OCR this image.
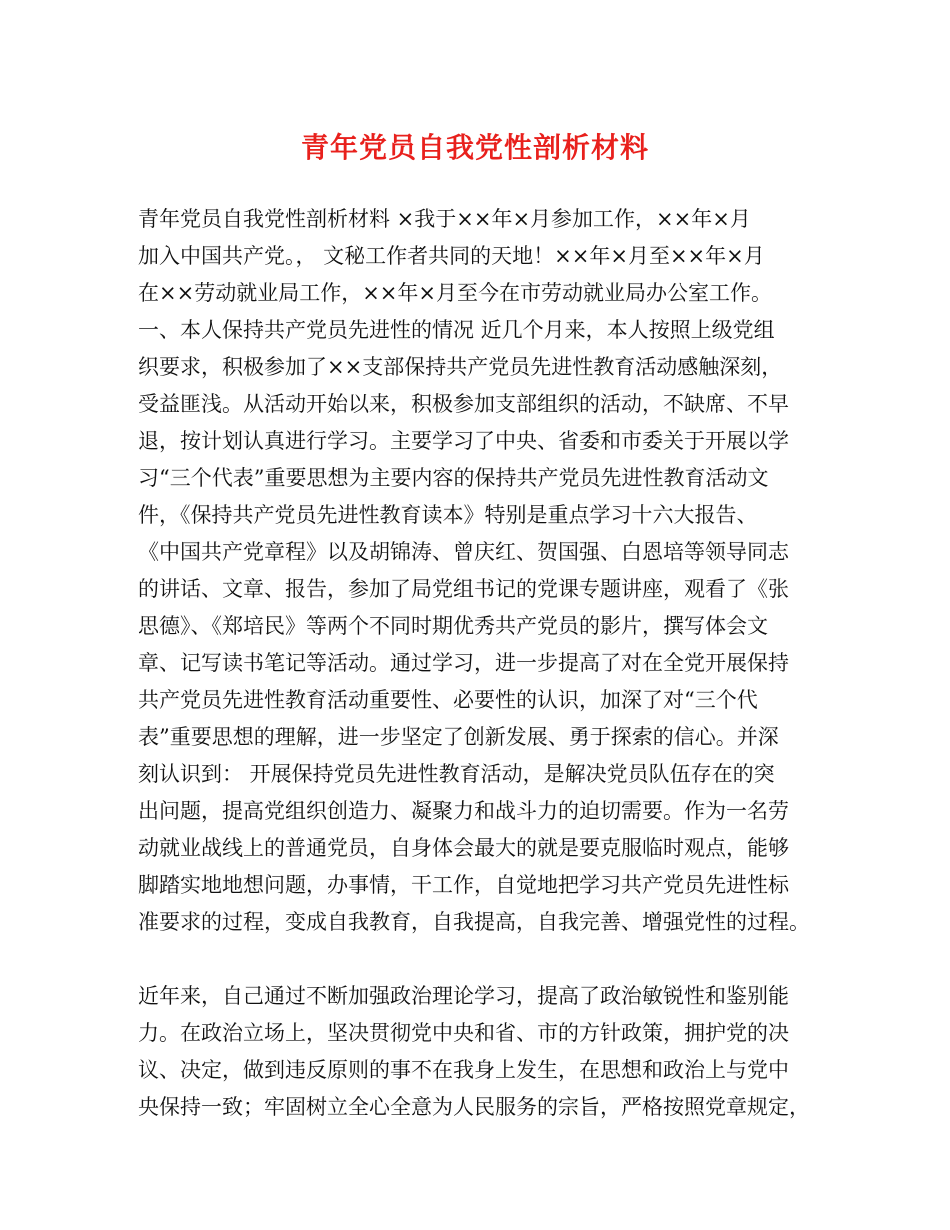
青年党员自我党性剖析材料
青年党员自我党性剖析材料 ×我于××年×月参加工作，××年×月
加入中国共产党。， 文秘工作者共同的天地！××年×月至××年×月
在××劳动就业局工作，××年×月至今在市劳动就业局办公室工作。
一、本人保持共产党员先进性的情况 近几个月来，本人按照上级党组
织要求，积极参加了××支部保持共产党员先进性教育活动感触深刻，
受益匪浅。从活动开始以来，积极参加支部组织的活动，不缺席、不早
退，按计划认真进行学习。主要学习了中央、省委和市委关于开展以学
习“三个代表”重要思想为主要内容的保持共产党员先进性教育活动文
件，《保持共产党员先进性教育读本》特别是重点学习十六大报告、
《中国共产党章程》以及胡锦涛、曾庆红、贺国强、白恩培等领导同志
的讲话、文章、报告，参加了局党组书记的党课专题讲座，观看了《张
思德》、《郑培民》等两个不同时期优秀共产党员的影片，撰写体会文
章、记写读书笔记等活动。通过学习，进一步提高了对在全党开展保持
共产党员先进性教育活动重要性、必要性的认识，加深了对“三个代
表”重要思想的理解，进一步坚定了创新发展、勇于探索的信心。并深
刻认识到： 开展保持党员先进性教育活动，是解决党员队伍存在的突
出问题，提高党组织创造力、凝聚力和战斗力的迫切需要。作为一名劳
动就业战线上的普通党员，自身体会最大的就是要克服临时观点，能够
脚踏实地地想问题，办事情，干工作，自觉地把学习共产党员先进性标
准要求的过程，变成自我教育，自我提高，自我完善、增强党性的过程。
近年来，自己通过不断加强政治理论学习，提高了政治敏锐性和鉴别能
力。在政治立场上，坚决贯彻党中央和省、市的方针政策，拥护党的决
议、决定，做到违反原则的事不在我身上发生，在思想和政治上与党中
央保持一致；牢固树立全心全意为人民服务的宗旨，严格按照党章规定，
